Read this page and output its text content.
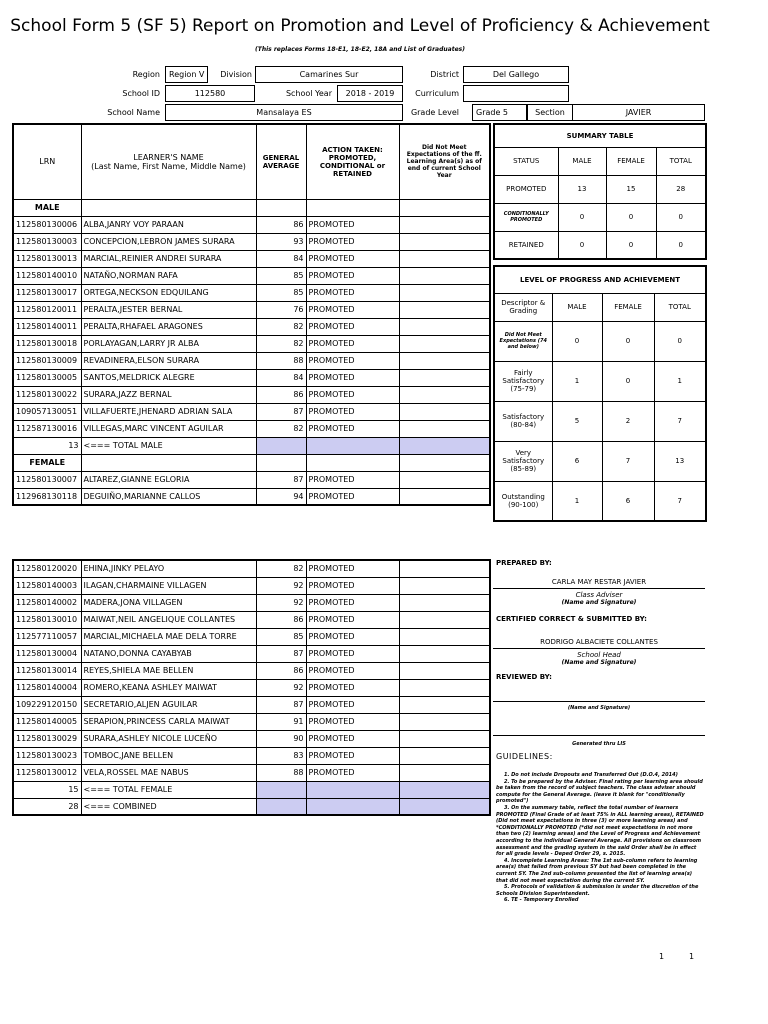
School Form 5 (SF 5) Report on Promotion and Level of Proficiency & Achievement
(This replaces Forms 18-E1, 18-E2, 18A and List of Graduates)
Region	Region V	Division	Camarines Sur	District	Del Gallego
School ID	112580	School Year	2018 - 2019	Curriculum
School Name	Mansalaya ES	Grade Level	Grade 5	Section	JAVIER
LRN	LEARNER'S NAME
(Last Name, First Name, Middle Name)	GENERAL AVERAGE	ACTION TAKEN: PROMOTED, CONDITIONAL or RETAINED	Did Not Meet Expectations of the ff. Learning Area(s) as of end of current School Year
MALE				
112580130006	ALBA,JANRY VOY PARAAN	86	PROMOTED	
112580130003	CONCEPCION,LEBRON JAMES SURARA	93	PROMOTED	
112580130013	MARCIAL,REINIER ANDREI SURARA	84	PROMOTED	
112580140010	NATAÑO,NORMAN RAFA	85	PROMOTED	
112580130017	ORTEGA,NECKSON EDQUILANG	85	PROMOTED	
112580120011	PERALTA,JESTER BERNAL	76	PROMOTED	
112580140011	PERALTA,RHAFAEL ARAGONES	82	PROMOTED	
112580130018	PORLAYAGAN,LARRY JR ALBA	82	PROMOTED	
112580130009	REVADINERA,ELSON SURARA	88	PROMOTED	
112580130005	SANTOS,MELDRICK ALEGRE	84	PROMOTED	
112580130022	SURARA,JAZZ BERNAL	86	PROMOTED	
109057130051	VILLAFUERTE,JHENARD ADRIAN SALA	87	PROMOTED	
112587130016	VILLEGAS,MARC VINCENT AGUILAR	82	PROMOTED	
13	<=== TOTAL MALE			
FEMALE				
112580130007	ALTAREZ,GIANNE EGLORIA	87	PROMOTED	
112968130118	DEGUIÑO,MARIANNE CALLOS	94	PROMOTED	
112580120020	EHINA,JINKY PELAYO	82	PROMOTED	
112580140003	ILAGAN,CHARMAINE VILLAGEN	92	PROMOTED	
112580140002	MADERA,JONA VILLAGEN	92	PROMOTED	
112580130010	MAIWAT,NEIL ANGELIQUE COLLANTES	86	PROMOTED	
112577110057	MARCIAL,MICHAELA MAE DELA TORRE	85	PROMOTED	
112580130004	NATANO,DONNA CAYABYAB	87	PROMOTED	
112580130014	REYES,SHIELA MAE BELLEN	86	PROMOTED	
112580140004	ROMERO,KEANA ASHLEY MAIWAT	92	PROMOTED	
109229120150	SECRETARIO,ALJEN AGUILAR	87	PROMOTED	
112580140005	SERAPION,PRINCESS CARLA MAIWAT	91	PROMOTED	
112580130029	SURARA,ASHLEY NICOLE LUCEÑO	90	PROMOTED	
112580130023	TOMBOC,JANE BELLEN	83	PROMOTED	
112580130012	VELA,ROSSEL MAE NABUS	88	PROMOTED	
15	<=== TOTAL FEMALE			
28	<=== COMBINED			
SUMMARY TABLE			
STATUS	MALE	FEMALE	TOTAL
PROMOTED	13	15	28
CONDITIONALLY PROMOTED	0	0	0
RETAINED	0	0	0
LEVEL OF PROGRESS AND ACHIEVEMENT			
Descriptor & Grading	MALE	FEMALE	TOTAL
Did Not Meet Expectations (74 and below)	0	0	0
Fairly Satisfactory (75-79)	1	0	1
Satisfactory (80-84)	5	2	7
Very Satisfactory (85-89)	6	7	13
Outstanding (90-100)	1	6	7
PREPARED BY:
CARLA MAY RESTAR JAVIER
Class Adviser
(Name and Signature)
CERTIFIED CORRECT & SUBMITTED BY:
RODRIGO ALBACIETE COLLANTES
School Head
(Name and Signature)
REVIEWED BY:
(Name and Signature)
Generated thru LIS
GUIDELINES:
1. Do not include Dropouts and Transferred Out (D.O.4, 2014)
2. To be prepared by the Adviser. Final rating per learning area should be taken from the record of subject teachers. The class adviser should compute for the General Average. (leave it blank for "conditionally promoted")
3. On the summary table, reflect the total number of learners PROMOTED (Final Grade of at least 75% in ALL learning areas), RETAINED (Did not meet expectations in three (3) or more learning areas) and *CONDITIONALLY PROMOTED (*did not meet expectations in not more than two (2) learning areas) and the Level of Progress and Achievement according to the individual General Average. All provisions on classroom assessment and the grading system in the said Order shall be in effect for all grade levels - Deped Order 29, s. 2015.
4. Incomplete Learning Areas: The 1st sub-column refers to learning area(s) that failed from previous SY but had been completed in the current SY. The 2nd sub-column presented the list of learning area(s) that did not meet expectation during the current SY.
5. Protocols of validation & submission is under the discretion of the Schools Division Superintendent.
6. TE - Temporary Enrolled
1	1
